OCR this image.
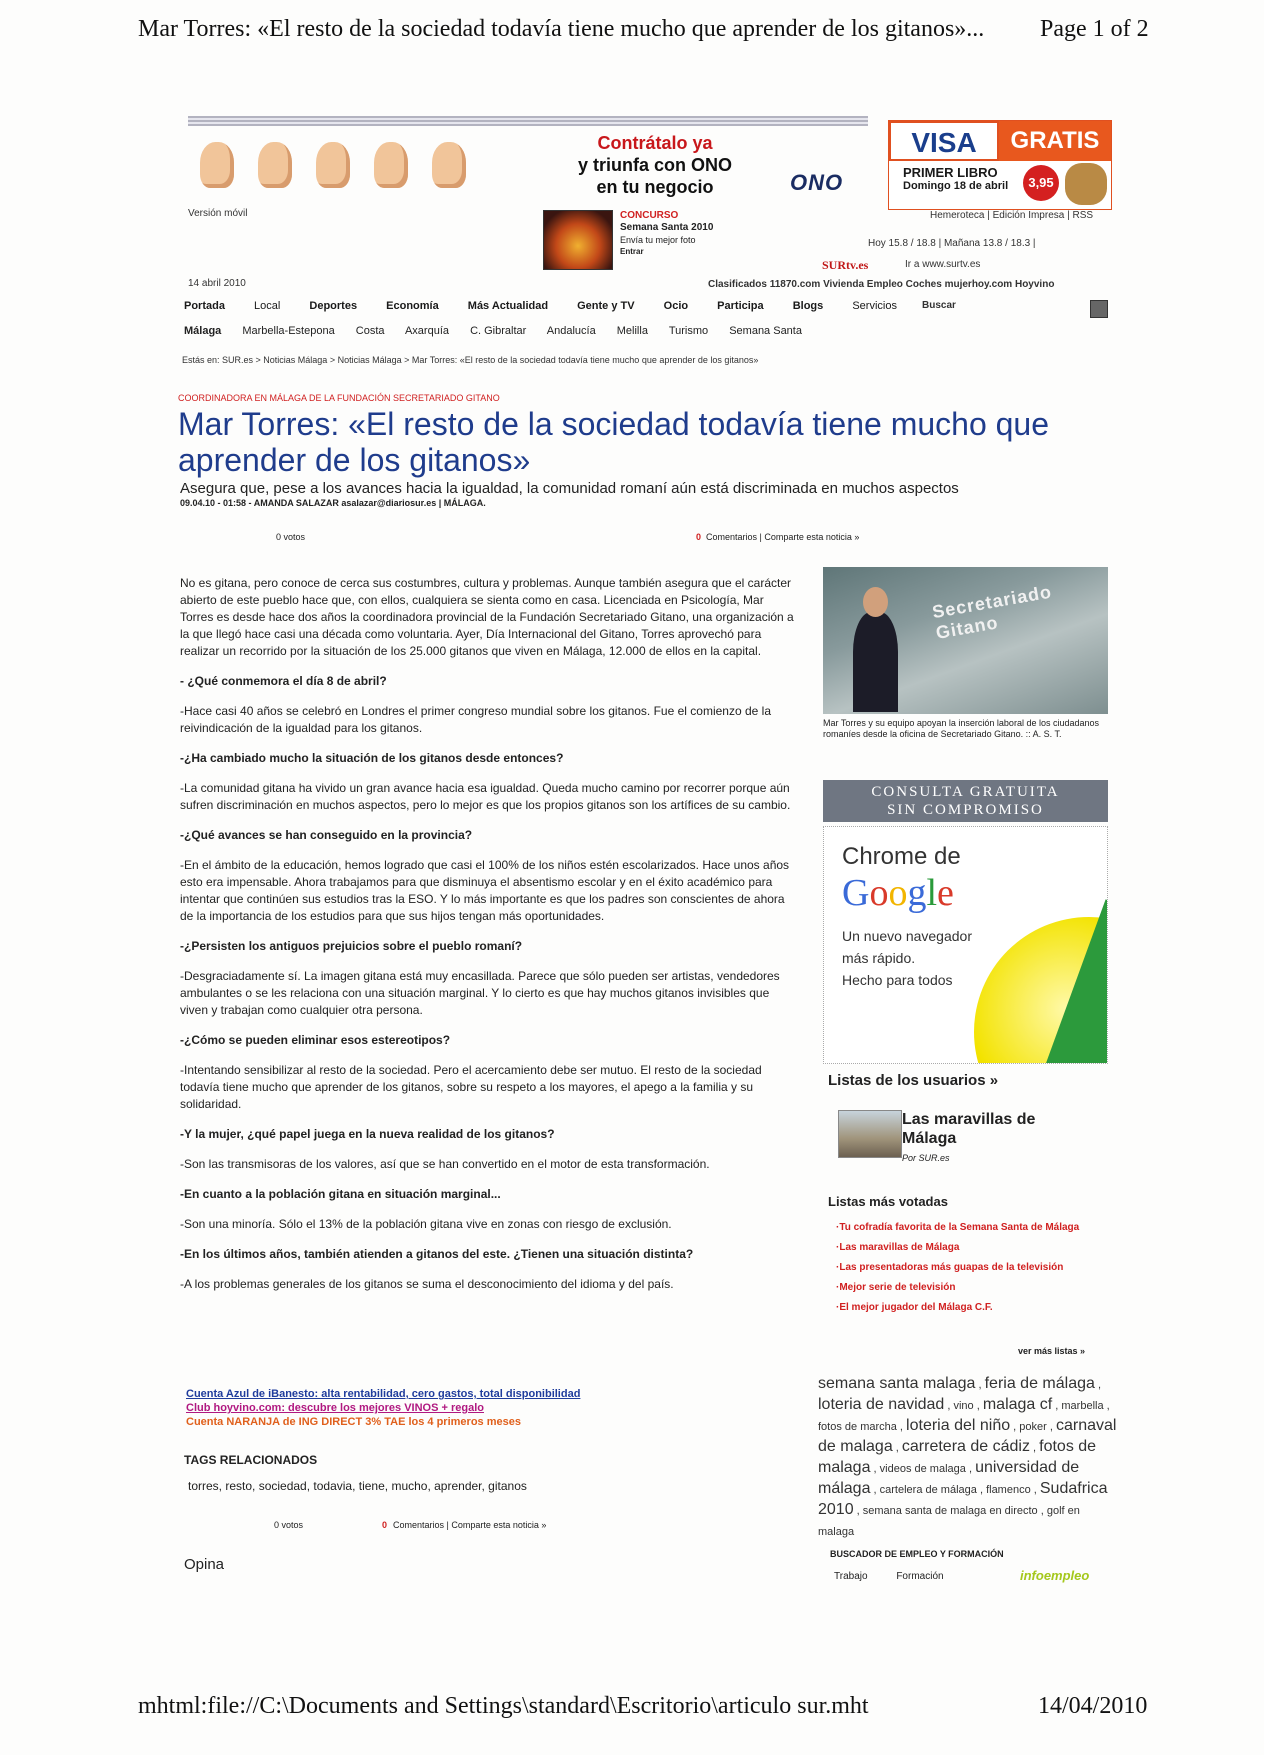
Mar Torres: «El resto de la sociedad todavía tiene mucho que aprender de los gitanos»... Page 1 of 2
mhtml:file://C:\Documents and Settings\standard\Escritorio\articulo sur.mht	14/04/2010
Contrátalo ya
y triunfa con ONO
en tu negocio	ONO
VISA	GRATIS
PRIMER LIBRO
Domingo 18 de abril	3,95
Versión móvil	Hemeroteca | Edición Impresa | RSS
CONCURSO
Semana Santa 2010
Envía tu mejor foto
Entrar
Hoy 15.8 / 18.8 | Mañana 13.8 / 18.3 |
SURtv.es	Ir a www.surtv.es
14 abril 2010	Clasificados 11870.com Vivienda Empleo Coches mujerhoy.com Hoyvino
Portada	Local	Deportes	Economía	Más Actualidad	Gente y TV	Ocio	Participa	Blogs	Servicios	Buscar
Málaga Marbella-Estepona Costa Axarquía C. Gibraltar Andalucía Melilla Turismo Semana Santa
Estás en: SUR.es > Noticias Málaga > Noticias Málaga > Mar Torres: «El resto de la sociedad todavía tiene mucho que aprender de los gitanos»
COORDINADORA EN MÁLAGA DE LA FUNDACIÓN SECRETARIADO GITANO
Mar Torres: «El resto de la sociedad todavía tiene mucho que aprender de los gitanos»
Asegura que, pese a los avances hacia la igualdad, la comunidad romaní aún está discriminada en muchos aspectos
09.04.10 - 01:58 - AMANDA SALAZAR asalazar@diariosur.es | MÁLAGA.
0 votos	0 Comentarios | Comparte esta noticia »

No es gitana, pero conoce de cerca sus costumbres, cultura y problemas. Aunque también asegura que el carácter abierto de este pueblo hace que, con ellos, cualquiera se sienta como en casa. Licenciada en Psicología, Mar Torres es desde hace dos años la coordinadora provincial de la Fundación Secretariado Gitano, una organización a la que llegó hace casi una década como voluntaria. Ayer, Día Internacional del Gitano, Torres aprovechó para realizar un recorrido por la situación de los 25.000 gitanos que viven en Málaga, 12.000 de ellos en la capital.

- ¿Qué conmemora el día 8 de abril?

-Hace casi 40 años se celebró en Londres el primer congreso mundial sobre los gitanos. Fue el comienzo de la reivindicación de la igualdad para los gitanos.

-¿Ha cambiado mucho la situación de los gitanos desde entonces?

-La comunidad gitana ha vivido un gran avance hacia esa igualdad. Queda mucho camino por recorrer porque aún sufren discriminación en muchos aspectos, pero lo mejor es que los propios gitanos son los artífices de su cambio.

-¿Qué avances se han conseguido en la provincia?

-En el ámbito de la educación, hemos logrado que casi el 100% de los niños estén escolarizados. Hace unos años esto era impensable. Ahora trabajamos para que disminuya el absentismo escolar y en el éxito académico para intentar que continúen sus estudios tras la ESO. Y lo más importante es que los padres son conscientes de ahora de la importancia de los estudios para que sus hijos tengan más oportunidades.

-¿Persisten los antiguos prejuicios sobre el pueblo romaní?

-Desgraciadamente sí. La imagen gitana está muy encasillada. Parece que sólo pueden ser artistas, vendedores ambulantes o se les relaciona con una situación marginal. Y lo cierto es que hay muchos gitanos invisibles que viven y trabajan como cualquier otra persona.

-¿Cómo se pueden eliminar esos estereotipos?

-Intentando sensibilizar al resto de la sociedad. Pero el acercamiento debe ser mutuo. El resto de la sociedad todavía tiene mucho que aprender de los gitanos, sobre su respeto a los mayores, el apego a la familia y su solidaridad.

-Y la mujer, ¿qué papel juega en la nueva realidad de los gitanos?

-Son las transmisoras de los valores, así que se han convertido en el motor de esta transformación.

-En cuanto a la población gitana en situación marginal...

-Son una minoría. Sólo el 13% de la población gitana vive en zonas con riesgo de exclusión.

-En los últimos años, también atienden a gitanos del este. ¿Tienen una situación distinta?

-A los problemas generales de los gitanos se suma el desconocimiento del idioma y del país.

Secretariado Gitano
Mar Torres y su equipo apoyan la inserción laboral de los ciudadanos romaníes desde la oficina de Secretariado Gitano. :: A. S. T.
CONSULTA GRATUITA
SIN COMPROMISO
Chrome de
Google
Un nuevo navegador
más rápido.
Hecho para todos
Listas de los usuarios »
Las maravillas de Málaga
Por SUR.es
Listas más votadas
·Tu cofradía favorita de la Semana Santa de Málaga
·Las maravillas de Málaga
·Las presentadoras más guapas de la televisión
·Mejor serie de televisión
·El mejor jugador del Málaga C.F.
ver más listas »
semana santa malaga , feria de málaga , loteria de navidad , vino , malaga cf , marbella , fotos de marcha , loteria del niño , poker , carnaval de malaga , carretera de cádiz , fotos de malaga , videos de malaga , universidad de málaga , cartelera de málaga , flamenco , Sudafrica 2010 , semana santa de malaga en directo , golf en malaga
BUSCADOR DE EMPLEO Y FORMACIÓN
Trabajo	Formación	infoempleo
Cuenta Azul de iBanesto: alta rentabilidad, cero gastos, total disponibilidad
Club hoyvino.com: descubre los mejores VINOS + regalo
Cuenta NARANJA de ING DIRECT 3% TAE los 4 primeros meses
TAGS RELACIONADOS
torres, resto, sociedad, todavia, tiene, mucho, aprender, gitanos
0 votos	0 Comentarios | Comparte esta noticia »
Opina
